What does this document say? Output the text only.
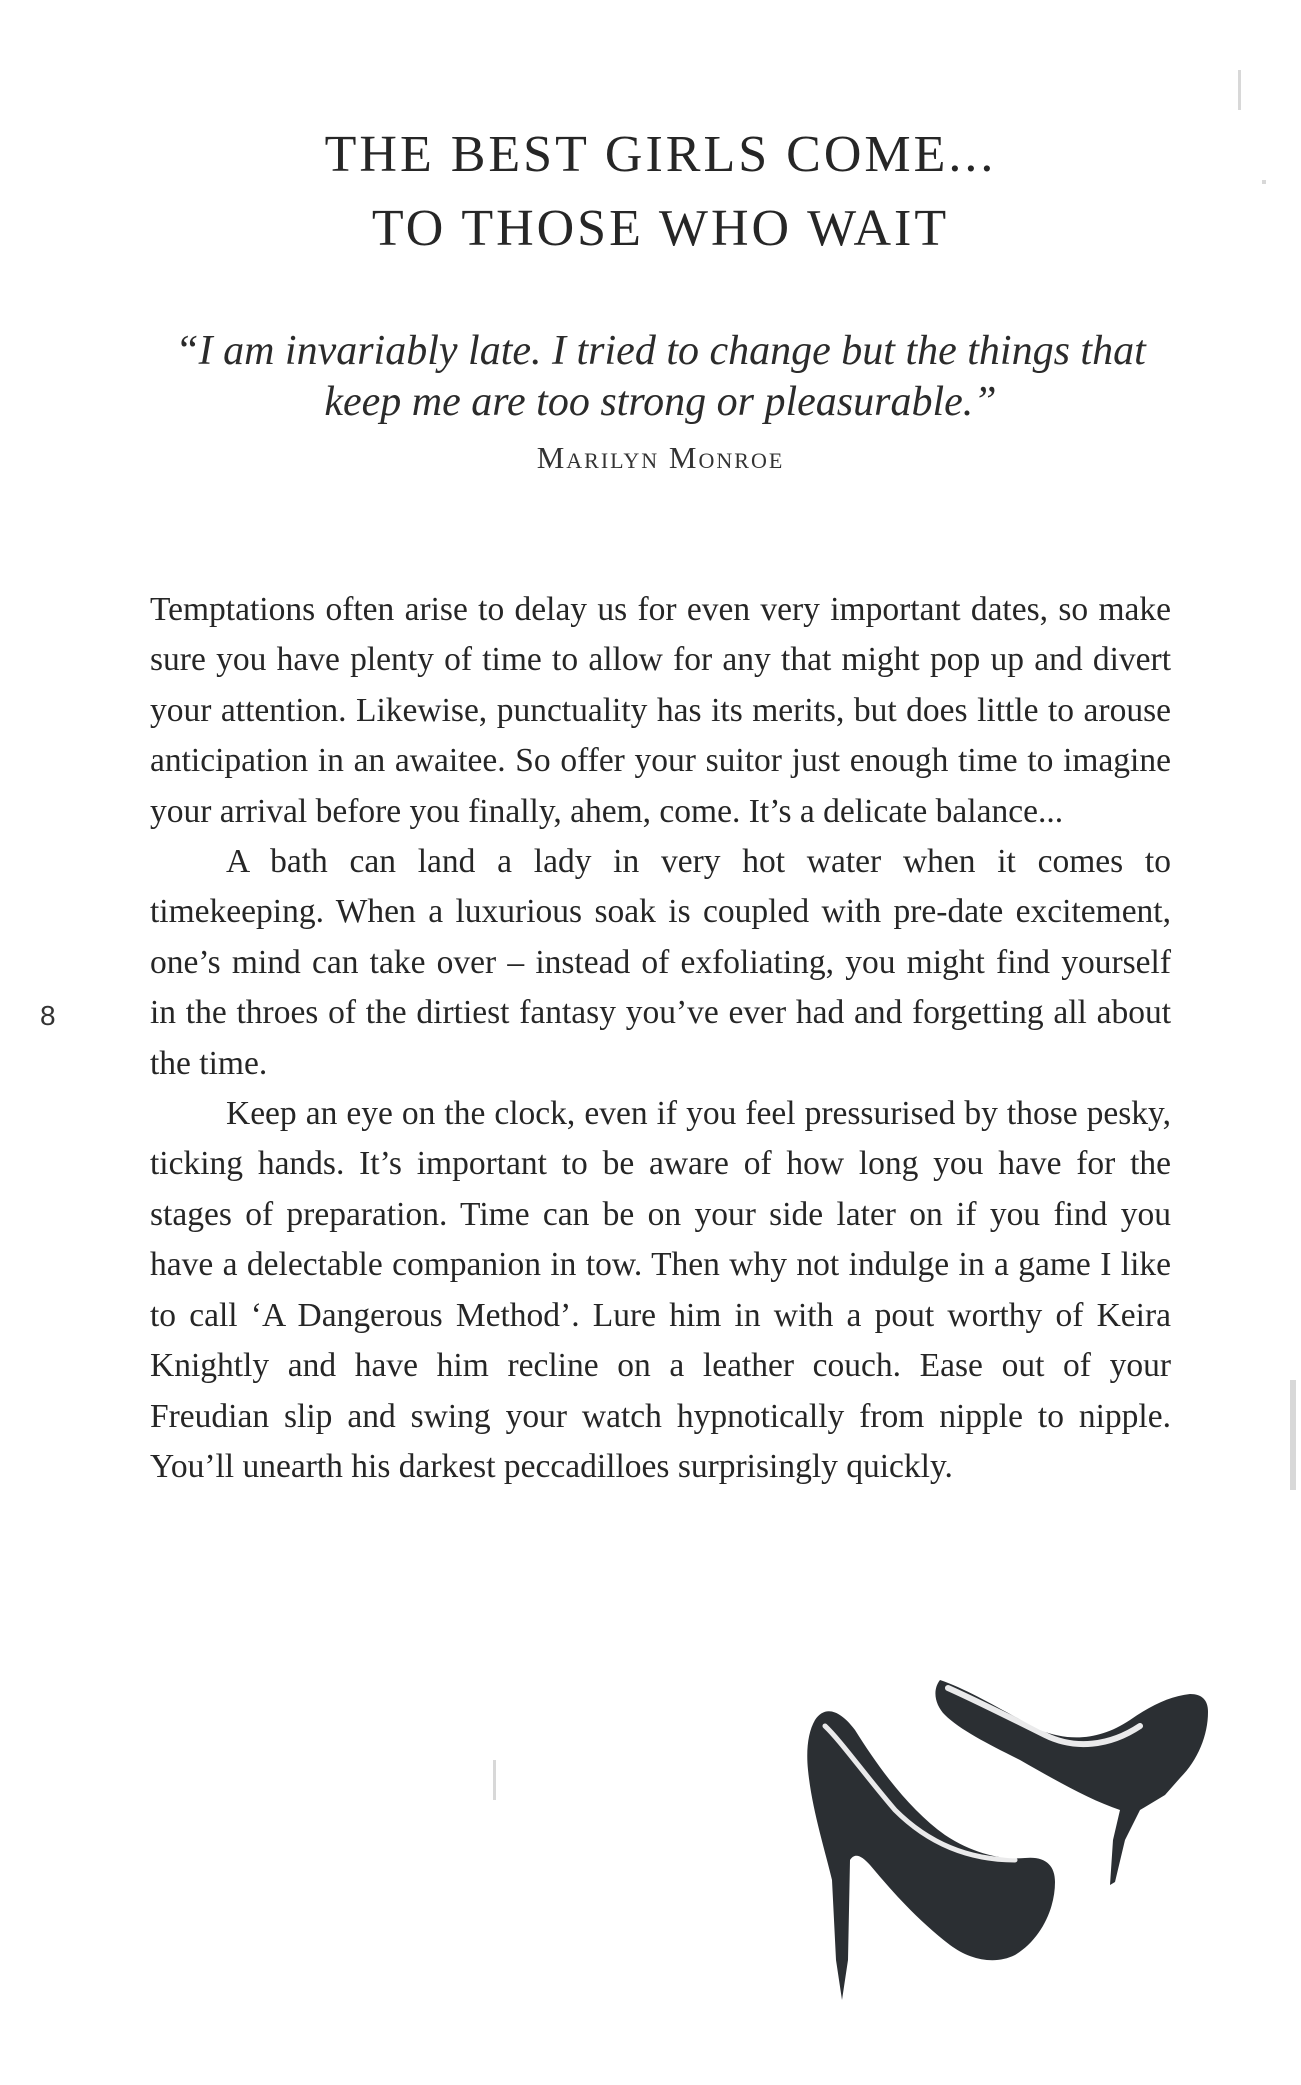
THE BEST GIRLS COME...
TO THOSE WHO WAIT
“I am invariably late. I tried to change but the things that
keep me are too strong or pleasurable.”
Marilyn Monroe

Temptations often arise to delay us for even very important dates, so make sure you have plenty of time to allow for any that might pop up and divert your attention. Likewise, punctuality has its merits, but does little to arouse anticipation in an awaitee. So offer your suitor just enough time to imagine your arrival before you finally, ahem, come. It’s a delicate balance...

A bath can land a lady in very hot water when it comes to timekeeping. When a luxurious soak is coupled with pre-date excitement, one’s mind can take over – instead of exfoliating, you might find yourself in the throes of the dirtiest fantasy you’ve ever had and forgetting all about the time.

Keep an eye on the clock, even if you feel pressurised by those pesky, ticking hands. It’s important to be aware of how long you have for the stages of preparation. Time can be on your side later on if you find you have a delectable companion in tow. Then why not indulge in a game I like to call ‘A Dangerous Method’. Lure him in with a pout worthy of Keira Knightly and have him recline on a leather couch. Ease out of your Freudian slip and swing your watch hypnotically from nipple to nipple. You’ll unearth his darkest peccadilloes surprisingly quickly.

8
